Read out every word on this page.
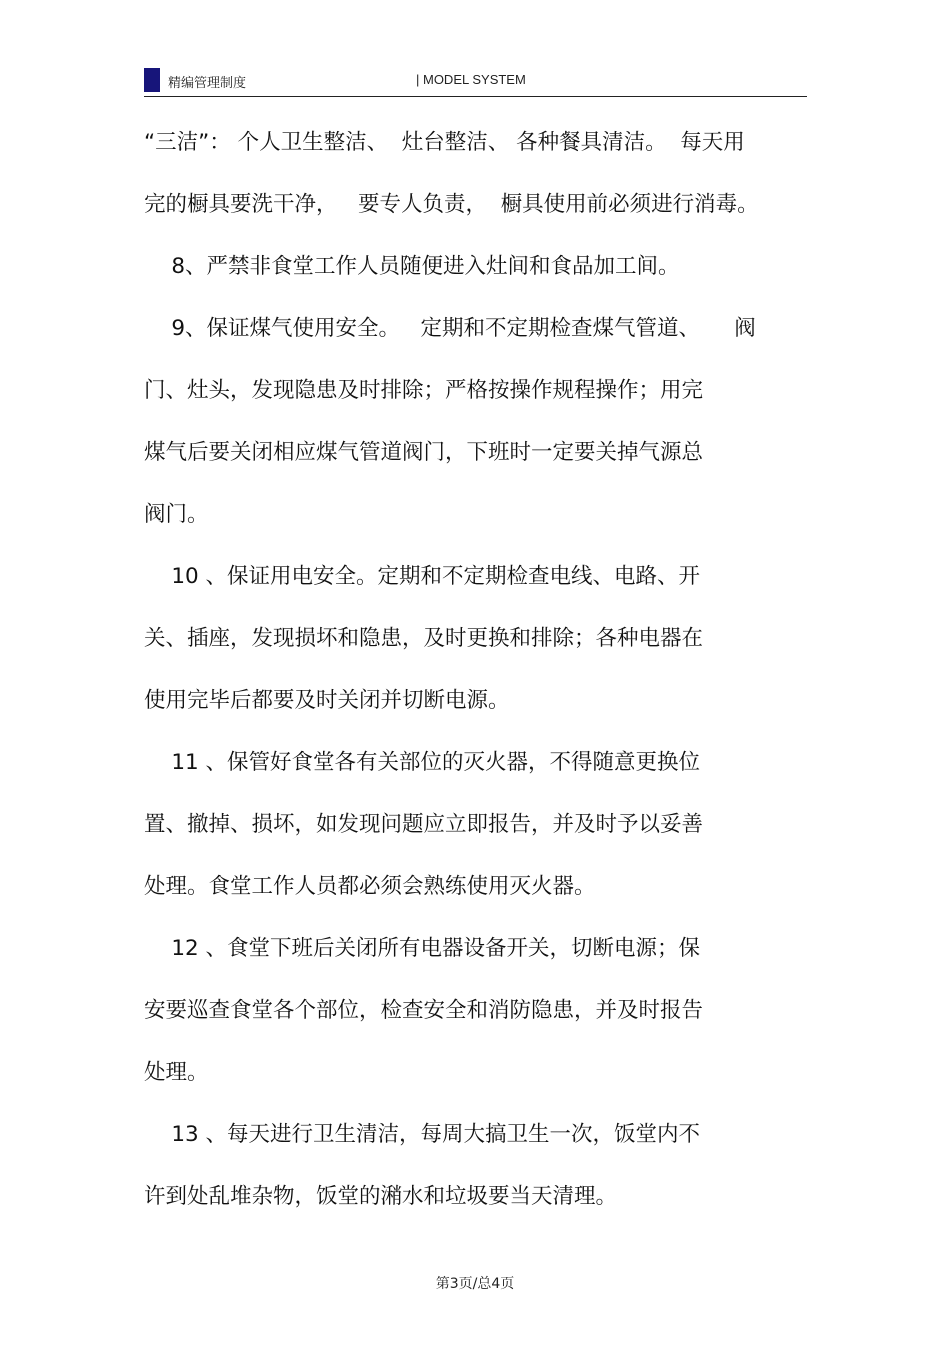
精编管理制度	| MODEL SYSTEM
“三洁”： 个人卫生整洁、  灶台整洁、 各种餐具清洁。  每天用
完的橱具要洗干净，   要专人负责，  橱具使用前必须进行消毒。
8、严禁非食堂工作人员随便进入灶间和食品加工间。
9、保证煤气使用安全。   定期和不定期检查煤气管道、     阀
门、灶头，发现隐患及时排除；严格按操作规程操作；用完
煤气后要关闭相应煤气管道阀门，下班时一定要关掉气源总
阀门。
10 、保证用电安全。定期和不定期检查电线、电路、开
关、插座，发现损坏和隐患，及时更换和排除；各种电器在
使用完毕后都要及时关闭并切断电源。
11 、保管好食堂各有关部位的灭火器，不得随意更换位
置、撤掉、损坏，如发现问题应立即报告，并及时予以妥善
处理。食堂工作人员都必须会熟练使用灭火器。
12 、食堂下班后关闭所有电器设备开关，切断电源；保
安要巡查食堂各个部位，检查安全和消防隐患，并及时报告
处理。
13 、每天进行卫生清洁，每周大搞卫生一次，饭堂内不
许到处乱堆杂物，饭堂的潲水和垃圾要当天清理。
第3页/总4页
